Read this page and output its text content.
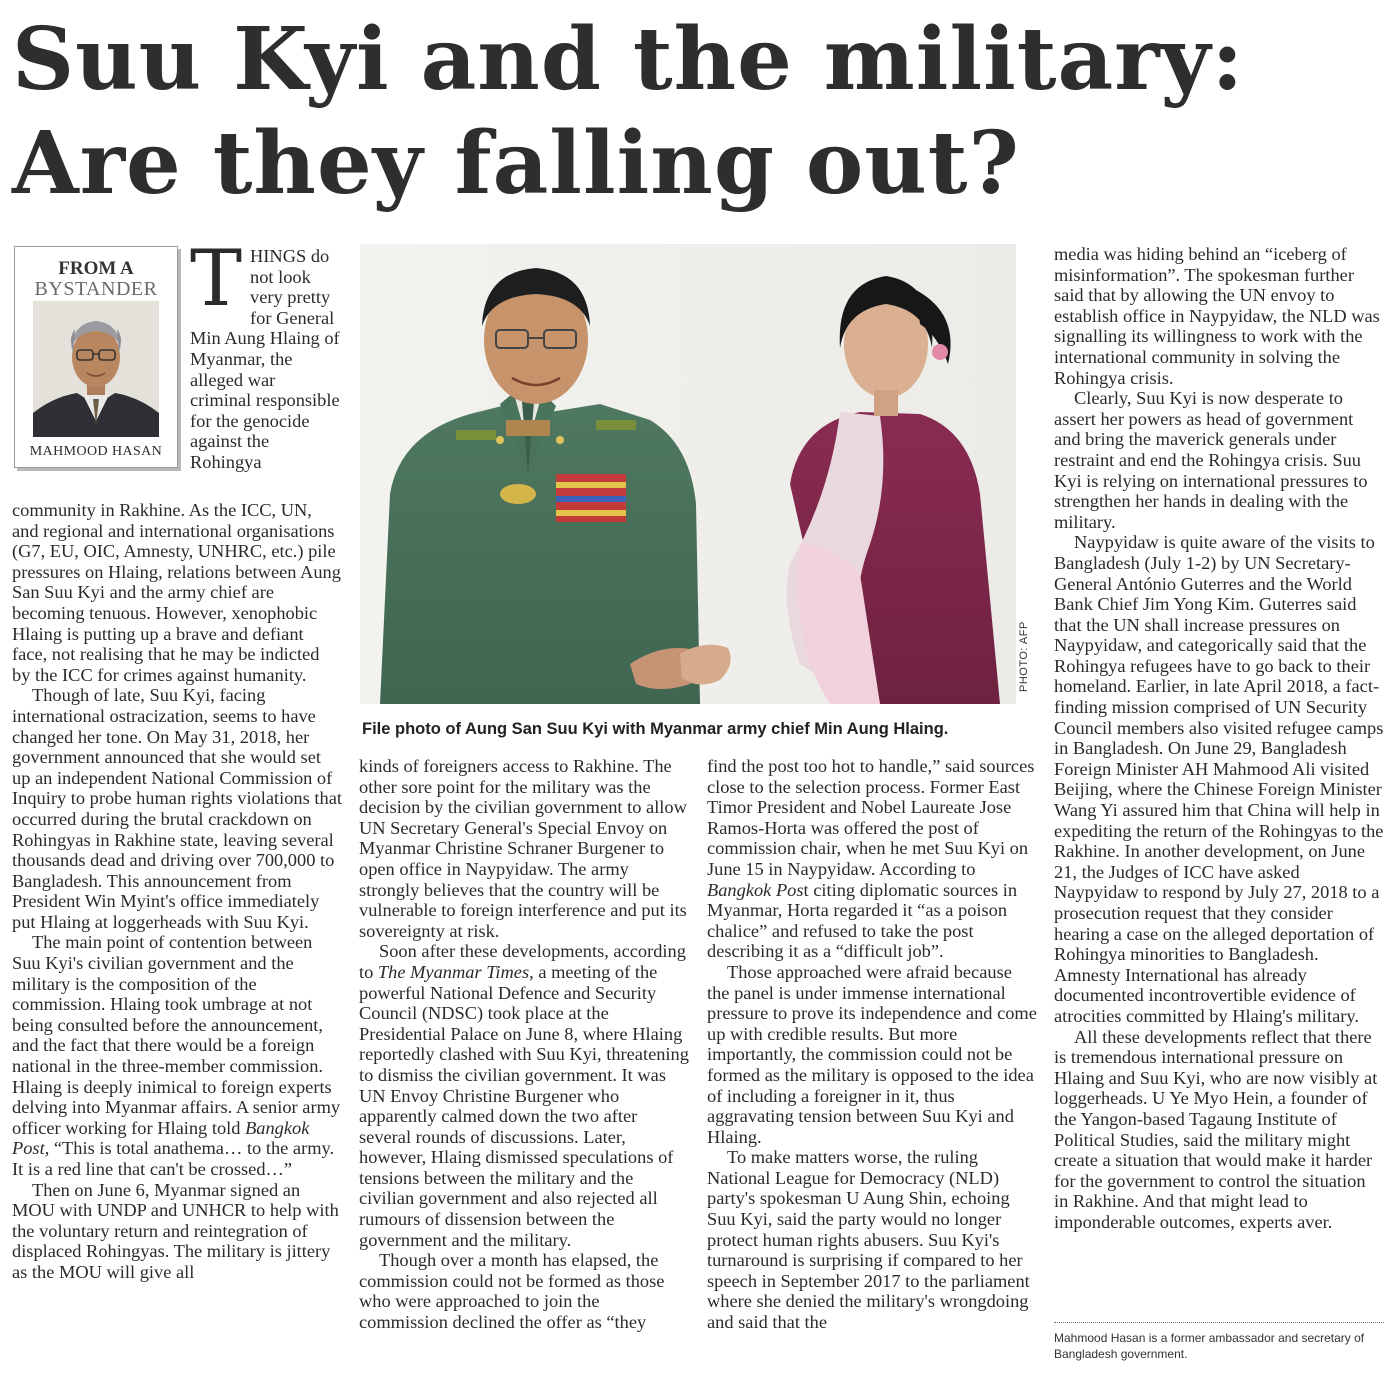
Suu Kyi and the military:
Are they falling out?
FROM A
BYSTANDER
MAHMOOD HASAN
THINGS do not look very pretty for General Min Aung Hlaing of Myanmar, the alleged war criminal responsible for the genocide against the Rohingya

community in Rakhine. As the ICC, UN, and regional and international organisations (G7, EU, OIC, Amnesty, UNHRC, etc.) pile pressures on Hlaing, relations between Aung San Suu Kyi and the army chief are becoming tenuous. However, xenophobic Hlaing is putting up a brave and defiant face, not realising that he may be indicted by the ICC for crimes against humanity.

Though of late, Suu Kyi, facing international ostracization, seems to have changed her tone. On May 31, 2018, her government announced that she would set up an independent National Commission of Inquiry to probe human rights violations that occurred during the brutal crackdown on Rohingyas in Rakhine state, leaving several thousands dead and driving over 700,000 to Bangladesh. This announcement from President Win Myint's office immediately put Hlaing at loggerheads with Suu Kyi.

The main point of contention between Suu Kyi's civilian government and the military is the composition of the commission. Hlaing took umbrage at not being consulted before the announcement, and the fact that there would be a foreign national in the three-member commission. Hlaing is deeply inimical to foreign experts delving into Myanmar affairs. A senior army officer working for Hlaing told Bangkok Post, “This is total anathema… to the army. It is a red line that can't be crossed…”

Then on June 6, Myanmar signed an MOU with UNDP and UNHCR to help with the voluntary return and reintegration of displaced Rohingyas. The military is jittery as the MOU will give all

PHOTO: AFP
File photo of Aung San Suu Kyi with Myanmar army chief Min Aung Hlaing.

kinds of foreigners access to Rakhine. The other sore point for the military was the decision by the civilian government to allow UN Secretary General's Special Envoy on Myanmar Christine Schraner Burgener to open office in Naypyidaw. The army strongly believes that the country will be vulnerable to foreign interference and put its sovereignty at risk.

Soon after these developments, according to The Myanmar Times, a meeting of the powerful National Defence and Security Council (NDSC) took place at the Presidential Palace on June 8, where Hlaing reportedly clashed with Suu Kyi, threatening to dismiss the civilian government. It was UN Envoy Christine Burgener who apparently calmed down the two after several rounds of discussions. Later, however, Hlaing dismissed speculations of tensions between the military and the civilian government and also rejected all rumours of dissension between the government and the military.

Though over a month has elapsed, the commission could not be formed as those who were approached to join the commission declined the offer as “they

find the post too hot to handle,” said sources close to the selection process. Former East Timor President and Nobel Laureate Jose Ramos-Horta was offered the post of commission chair, when he met Suu Kyi on June 15 in Naypyidaw. According to Bangkok Post citing diplomatic sources in Myanmar, Horta regarded it “as a poison chalice” and refused to take the post describing it as a “difficult job”.

Those approached were afraid because the panel is under immense international pressure to prove its independence and come up with credible results. But more importantly, the commission could not be formed as the military is opposed to the idea of including a foreigner in it, thus aggravating tension between Suu Kyi and Hlaing.

To make matters worse, the ruling National League for Democracy (NLD) party's spokesman U Aung Shin, echoing Suu Kyi, said the party would no longer protect human rights abusers. Suu Kyi's turnaround is surprising if compared to her speech in September 2017 to the parliament where she denied the military's wrongdoing and said that the

media was hiding behind an “iceberg of misinformation”. The spokesman further said that by allowing the UN envoy to establish office in Naypyidaw, the NLD was signalling its willingness to work with the international community in solving the Rohingya crisis.

Clearly, Suu Kyi is now desperate to assert her powers as head of government and bring the maverick generals under restraint and end the Rohingya crisis. Suu Kyi is relying on international pressures to strengthen her hands in dealing with the military.

Naypyidaw is quite aware of the visits to Bangladesh (July 1-2) by UN Secretary-General António Guterres and the World Bank Chief Jim Yong Kim. Guterres said that the UN shall increase pressures on Naypyidaw, and categorically said that the Rohingya refugees have to go back to their homeland. Earlier, in late April 2018, a fact-finding mission comprised of UN Security Council members also visited refugee camps in Bangladesh. On June 29, Bangladesh Foreign Minister AH Mahmood Ali visited Beijing, where the Chinese Foreign Minister Wang Yi assured him that China will help in expediting the return of the Rohingyas to the Rakhine. In another development, on June 21, the Judges of ICC have asked Naypyidaw to respond by July 27, 2018 to a prosecution request that they consider hearing a case on the alleged deportation of Rohingya minorities to Bangladesh. Amnesty International has already documented incontrovertible evidence of atrocities committed by Hlaing's military.

All these developments reflect that there is tremendous international pressure on Hlaing and Suu Kyi, who are now visibly at loggerheads. U Ye Myo Hein, a founder of the Yangon-based Tagaung Institute of Political Studies, said the military might create a situation that would make it harder for the government to control the situation in Rakhine. And that might lead to imponderable outcomes, experts aver.

Mahmood Hasan is a former ambassador and secretary of Bangladesh government.
